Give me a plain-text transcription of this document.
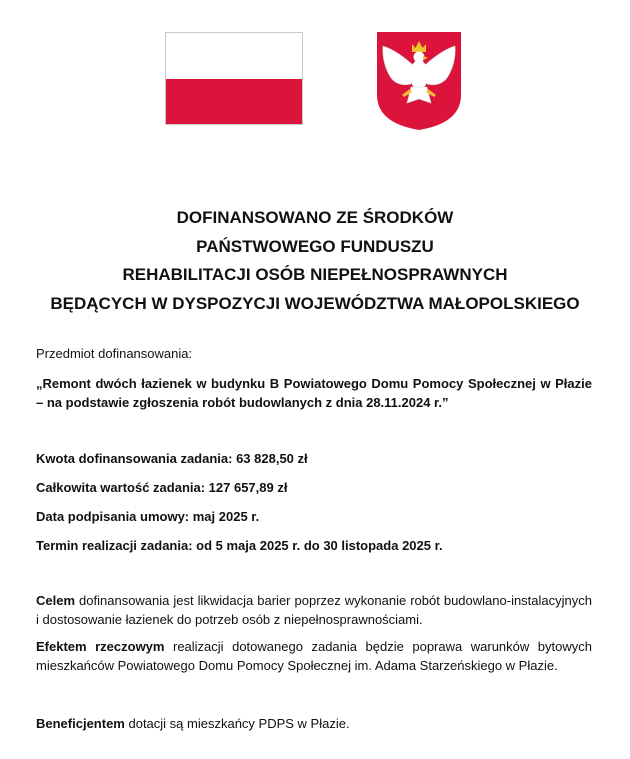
DOFINANSOWANO ZE ŚRODKÓW
PAŃSTWOWEGO FUNDUSZU
REHABILITACJI OSÓB NIEPEŁNOSPRAWNYCH
BĘDĄCYCH W DYSPOZYCJI WOJEWÓDZTWA MAŁOPOLSKIEGO
Przedmiot dofinansowania:
„Remont dwóch łazienek w budynku B Powiatowego Domu Pomocy Społecznej w Płazie – na podstawie zgłoszenia robót budowlanych z dnia 28.11.2024 r.”
Kwota dofinansowania zadania: 63 828,50 zł
Całkowita wartość zadania: 127 657,89 zł
Data podpisania umowy: maj 2025 r.
Termin realizacji zadania: od 5 maja 2025 r. do 30 listopada 2025 r.
Celem dofinansowania jest likwidacja barier poprzez wykonanie robót budowlano-instalacyjnych i dostosowanie łazienek do potrzeb osób z niepełnosprawnościami.
Efektem rzeczowym realizacji dotowanego zadania będzie poprawa warunków bytowych mieszkańców Powiatowego Domu Pomocy Społecznej im. Adama Starzeńskiego w Płazie.
Beneficjentem dotacji są mieszkańcy PDPS w Płazie.
